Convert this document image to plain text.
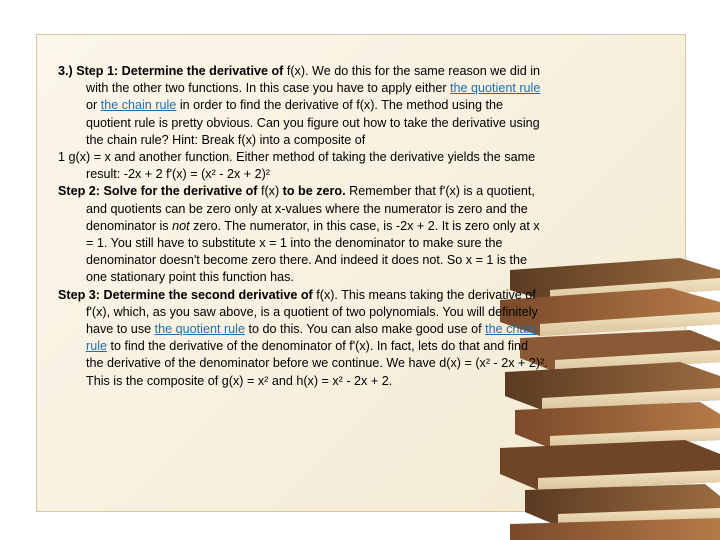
3.) Step 1: Determine the derivative of f(x). We do this for the same reason we did in with the other two functions. In this case you have to apply either the quotient rule or the chain rule in order to find the derivative of f(x). The method using the quotient rule is pretty obvious. Can you figure out how to take the derivative using the chain rule? Hint: Break f(x) into a composite of

1 g(x) = x and another function. Either method of taking the derivative yields the same result: -2x + 2 f'(x) = (x² - 2x + 2)²

Step 2: Solve for the derivative of f(x) to be zero. Remember that f'(x) is a quotient, and quotients can be zero only at x-values where the numerator is zero and the denominator is not zero. The numerator, in this case, is -2x + 2. It is zero only at x = 1. You still have to substitute x = 1 into the denominator to make sure the denominator doesn't become zero there. And indeed it does not. So x = 1 is the one stationary point this function has.

Step 3: Determine the second derivative of f(x). This means taking the derivative of f'(x), which, as you saw above, is a quotient of two polynomials. You will definitely have to use the quotient rule to do this. You can also make good use of the chain rule to find the derivative of the denominator of f'(x). In fact, lets do that and find the derivative of the denominator before we continue. We have d(x) = (x² - 2x + 2)². This is the composite of g(x) = x² and h(x) = x² - 2x + 2.
